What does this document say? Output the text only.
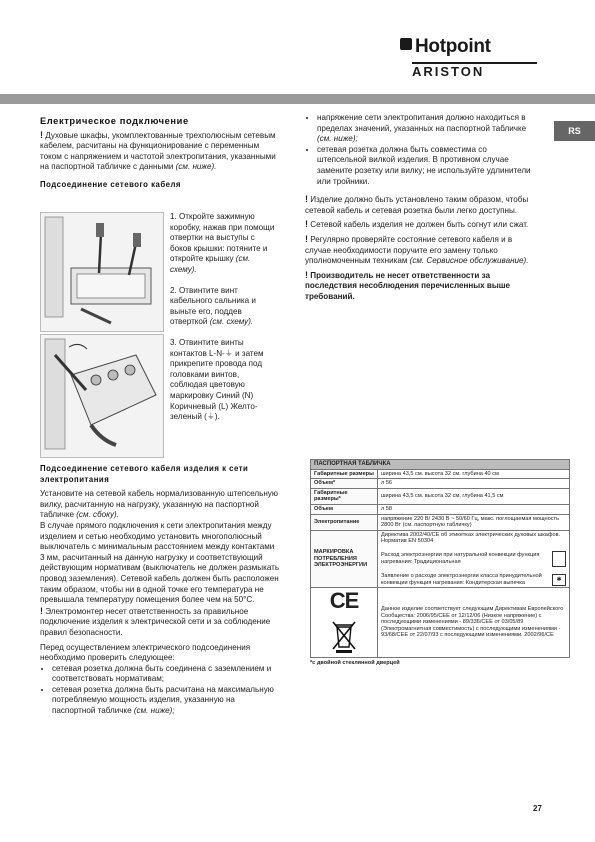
Hotpoint
ARISTON
RS
Електрическое подключение

! Духовые шкафы, укомплектованные трехполюсным сетевым кабелем, расчитаны на функционирование с переменным током с напряжением и частотой электропитания, указанными на паспортной табличке с данными (см. ниже).

Подсоединение сетевого кабеля

1. Откройте зажимную коробку, нажав при помощи отвертки на выступы с боков крышки: потяните и откройте крышку (см. схему).

2. Отвинтите винт кабельного сальника и выньте его, поддев отверткой (см. схему).

3. Отвинтите винты контактов L-N-⏚ и затем прикрепите провода под головками винтов, соблюдая цветовую маркировку Синий (N) Коричневый (L) Желто-зеленый (⏚).

Подсоединение сетевого кабеля изделия к сети электропитания

Установите на сетевой кабель нормализованную штепсельную вилку, расчитанную на нагрузку, указанную на паспортной табличке (см. сбоку).

В случае прямого подключения к сети электропитания между изделием и сетью необходимо установить многополюсный выключатель с минимальным расстоянием между контактами 3 мм, расчитанный на данную нагрузку и соответствующий действующим нормативам (выключатель не должен размыкать провод заземления). Сетевой кабель должен быть расположен таким образом, чтобы ни в одной точке его температура не превышала температуру помещения более чем на 50°C.

! Электромонтер несет ответственность за правильное подключение изделия к электрической сети и за соблюдение правил безопасности.

Перед осуществлением электрического подсоединения необходимо проверить следующее:

• сетевая розетка должна быть соединена с заземлением и соответствовать нормативам;
• сетевая розетка должна быть расчитана на максимальную потребляемую мощность изделия, указанную на паспортной табличке (см. ниже);
• напряжение сети электропитания должно находиться в пределах значений, указанных на паспортной табличке (см. ниже);
• сетевая розетка должна быть совместима со штепсельной вилкой изделия. В противном случае замените розетку или вилку; не используйте удлинители или тройники.

! Изделие должно быть установлено таким образом, чтобы сетевой кабель и сетевая розетка были легко доступны.

! Сетевой кабель изделия не должен быть согнут или сжат.

! Регулярно проверяйте состояние сетевого кабеля и в случае необходимости поручите его замену только уполномоченным техникам (см. Сервисное обслуживание).

! Производитель не несет ответственности за последствия несоблюдения перечисленных выше требований.

ПАСПОРТНАЯ ТАБЛИЧКА	
Габаритные размеры	ширина 43,5 см. высота 32 см. глубина 40 см
Объем*	л 56
Габаритные размеры*	ширина 43,5 см. высота 32 см. глубина 41,5 см
Объем	л 58
Электропитание	напряжение 220 В/ 2430 В ~ 50/60 Гц, макс. поглощаемая мощность 2800 Вт (см. паспортную табличку)
МАРКИРОВКА ПОТРЕБЛЕНИЯ ЭЛЕКТРОЭНЕРГИИ	Директива 2002/40/CE об этикетках электрических духовых шкафов. Норматив EN 50304
Расход электроэнергии при натуральной конвекции функция нагревания: Традициональная
Заявление о расходе электроэнергии класса принудительной конвекции функция нагревания: Кондитерская выпечка ✱

CE	Данное изделие соответствует следующим Директивам Европейского Сообщества: 2006/95/CEE от 12/12/06 (Низкое напряжение) с последующими изменениями - 89/336/CEE от 03/05/89 (Электромагнитная совместимость) с последующими изменениями - 93/68/CEE от 22/07/93 с последующими изменениями. 2002/96/CE
*с двойной стеклянной дверцей
27
